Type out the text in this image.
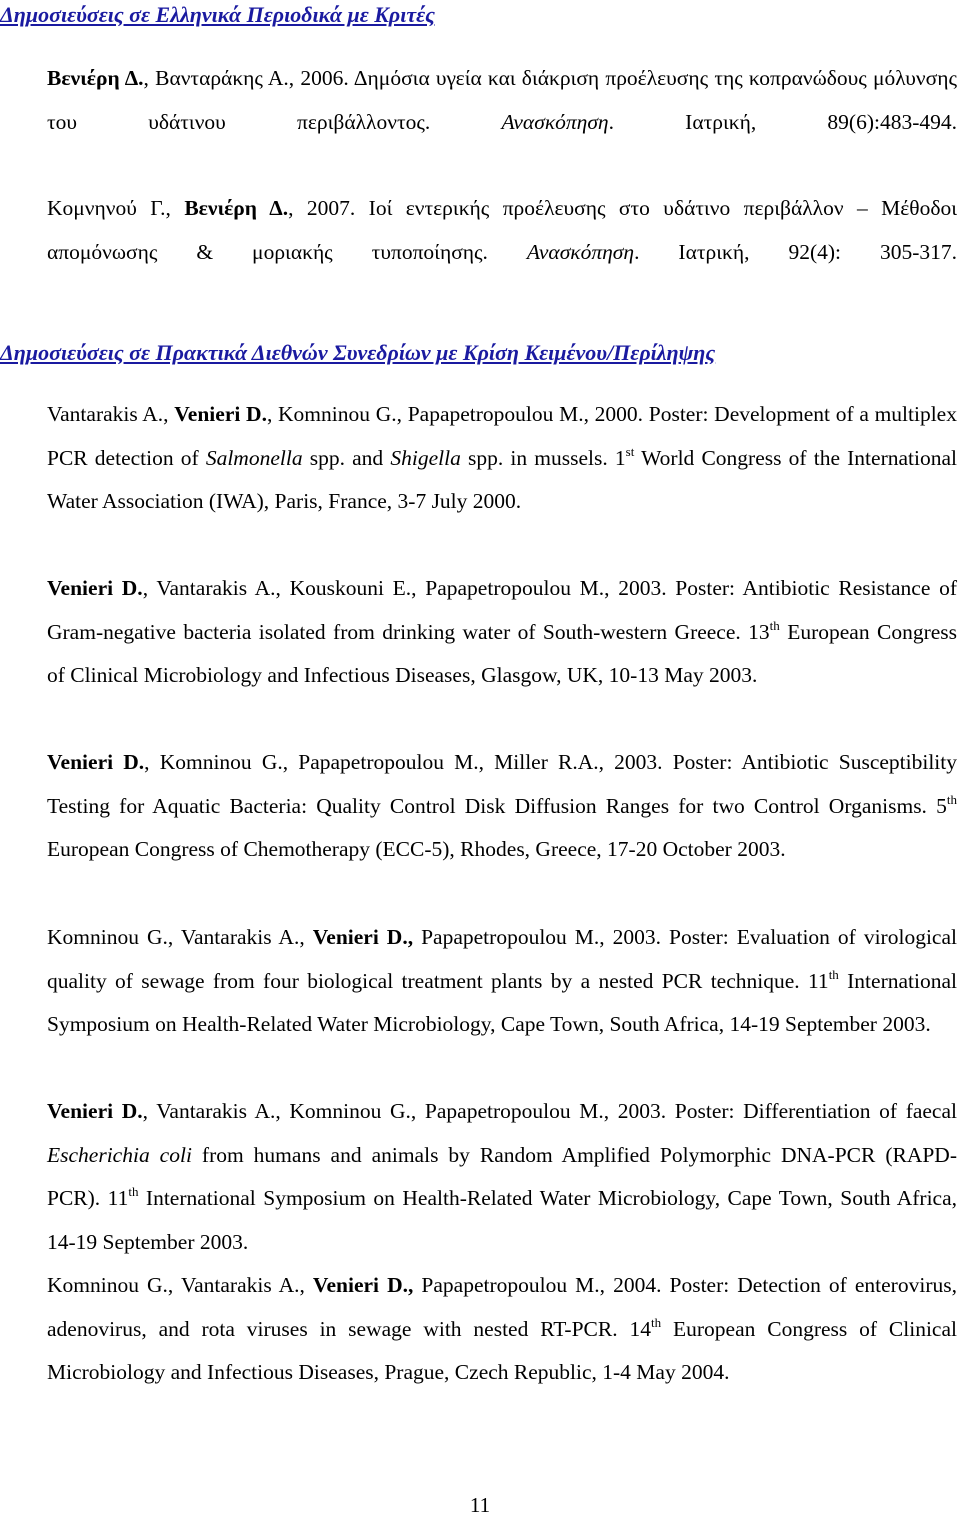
Δημοσιεύσεις σε Ελληνικά Περιοδικά με Κριτές
Βενιέρη Δ., Βανταράκης Α., 2006. Δημόσια υγεία και διάκριση προέλευσης της κοπρανώδους μόλυνσης του υδάτινου περιβάλλοντος. Ανασκόπηση. Ιατρική, 89(6):483-494.
Κομνηνού Γ., Βενιέρη Δ., 2007. Ιοί εντερικής προέλευσης στο υδάτινο περιβάλλον – Μέθοδοι απομόνωσης & μοριακής τυποποίησης. Ανασκόπηση. Ιατρική, 92(4): 305-317.
Δημοσιεύσεις σε Πρακτικά Διεθνών Συνεδρίων με Κρίση Κειμένου/Περίληψης
Vantarakis A., Venieri D., Komninou G., Papapetropoulou M., 2000. Poster: Development of a multiplex PCR detection of Salmonella spp. and Shigella spp. in mussels. 1st World Congress of the International Water Association (IWA), Paris, France, 3-7 July 2000.
Venieri D., Vantarakis A., Kouskouni E., Papapetropoulou M., 2003. Poster: Antibiotic Resistance of Gram-negative bacteria isolated from drinking water of South-western Greece. 13th European Congress of Clinical Microbiology and Infectious Diseases, Glasgow, UK, 10-13 May 2003.
Venieri D., Komninou G., Papapetropoulou M., Miller R.A., 2003. Poster: Antibiotic Susceptibility Testing for Aquatic Bacteria: Quality Control Disk Diffusion Ranges for two Control Organisms. 5th European Congress of Chemotherapy (ECC-5), Rhodes, Greece, 17-20 October 2003.
Komninou G., Vantarakis A., Venieri D., Papapetropoulou M., 2003. Poster: Evaluation of virological quality of sewage from four biological treatment plants by a nested PCR technique. 11th International Symposium on Health-Related Water Microbiology, Cape Town, South Africa, 14-19 September 2003.
Venieri D., Vantarakis A., Komninou G., Papapetropoulou M., 2003. Poster: Differentiation of faecal Escherichia coli from humans and animals by Random Amplified Polymorphic DNA-PCR (RAPD-PCR). 11th International Symposium on Health-Related Water Microbiology, Cape Town, South Africa, 14-19 September 2003.
Komninou G., Vantarakis A., Venieri D., Papapetropoulou M., 2004. Poster: Detection of enterovirus, adenovirus, and rota viruses in sewage with nested RT-PCR. 14th European Congress of Clinical Microbiology and Infectious Diseases, Prague, Czech Republic, 1-4 May 2004.
11
